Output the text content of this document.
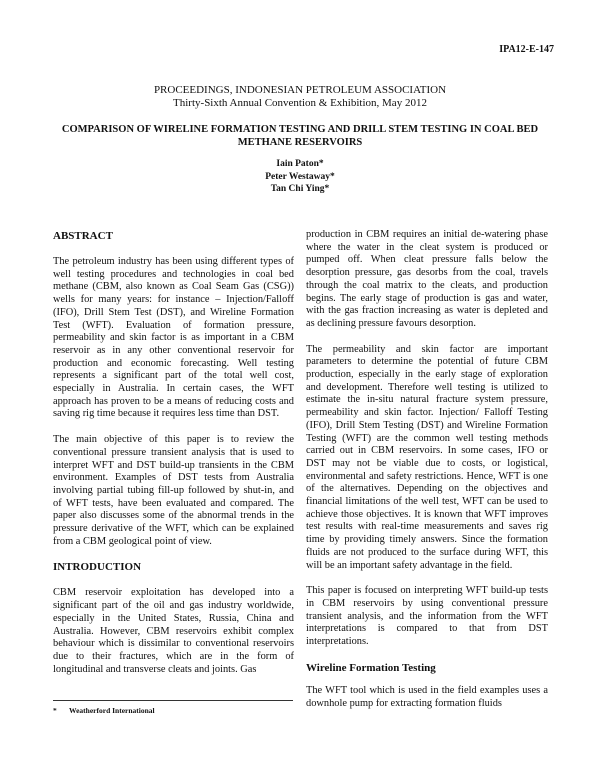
IPA12-E-147
PROCEEDINGS, INDONESIAN PETROLEUM ASSOCIATION
Thirty-Sixth Annual Convention & Exhibition, May 2012
COMPARISON OF WIRELINE FORMATION TESTING AND DRILL STEM TESTING IN COAL BED METHANE RESERVOIRS
Iain Paton*
Peter Westaway*
Tan Chi Ying*
ABSTRACT

The petroleum industry has been using different types of well testing procedures and technologies in coal bed methane (CBM, also known as Coal Seam Gas (CSG)) wells for many years: for instance – Injection/Falloff (IFO), Drill Stem Test (DST), and Wireline Formation Test (WFT). Evaluation of formation pressure, permeability and skin factor is as important in a CBM reservoir as in any other conventional reservoir for production and economic forecasting. Well testing represents a significant part of the total well cost, especially in Australia. In certain cases, the WFT approach has proven to be a means of reducing costs and saving rig time because it requires less time than DST.

The main objective of this paper is to review the conventional pressure transient analysis that is used to interpret WFT and DST build-up transients in the CBM environment. Examples of DST tests from Australia involving partial tubing fill-up followed by shut-in, and of WFT tests, have been evaluated and compared. The paper also discusses some of the abnormal trends in the pressure derivative of the WFT, which can be explained from a CBM geological point of view.

INTRODUCTION

CBM reservoir exploitation has developed into a significant part of the oil and gas industry worldwide, especially in the United States, Russia, China and Australia. However, CBM reservoirs exhibit complex behaviour which is dissimilar to conventional reservoirs due to their fractures, which are in the form of longitudinal and transverse cleats and joints. Gas

production in CBM requires an initial de-watering phase where the water in the cleat system is produced or pumped off. When cleat pressure falls below the desorption pressure, gas desorbs from the coal, travels through the coal matrix to the cleats, and production begins. The early stage of production is gas and water, with the gas fraction increasing as water is depleted and as declining pressure favours desorption.

The permeability and skin factor are important parameters to determine the potential of future CBM production, especially in the early stage of exploration and development. Therefore well testing is utilized to estimate the in-situ natural fracture system pressure, permeability and skin factor. Injection/ Falloff Testing (IFO), Drill Stem Testing (DST) and Wireline Formation Testing (WFT) are the common well testing methods carried out in CBM reservoirs. In some cases, IFO or DST may not be viable due to costs, or logistical, environmental and safety restrictions. Hence, WFT is one of the alternatives. Depending on the objectives and financial limitations of the well test, WFT can be used to achieve those objectives. It is known that WFT improves test results with real-time measurements and saves rig time by providing timely answers. Since the formation fluids are not produced to the surface during WFT, this will be an important safety advantage in the field.

This paper is focused on interpreting WFT build-up tests in CBM reservoirs by using conventional pressure transient analysis, and the information from the WFT interpretations is compared to that from DST interpretations.

Wireline Formation Testing

The WFT tool which is used in the field examples uses a downhole pump for extracting formation fluids

* Weatherford International
